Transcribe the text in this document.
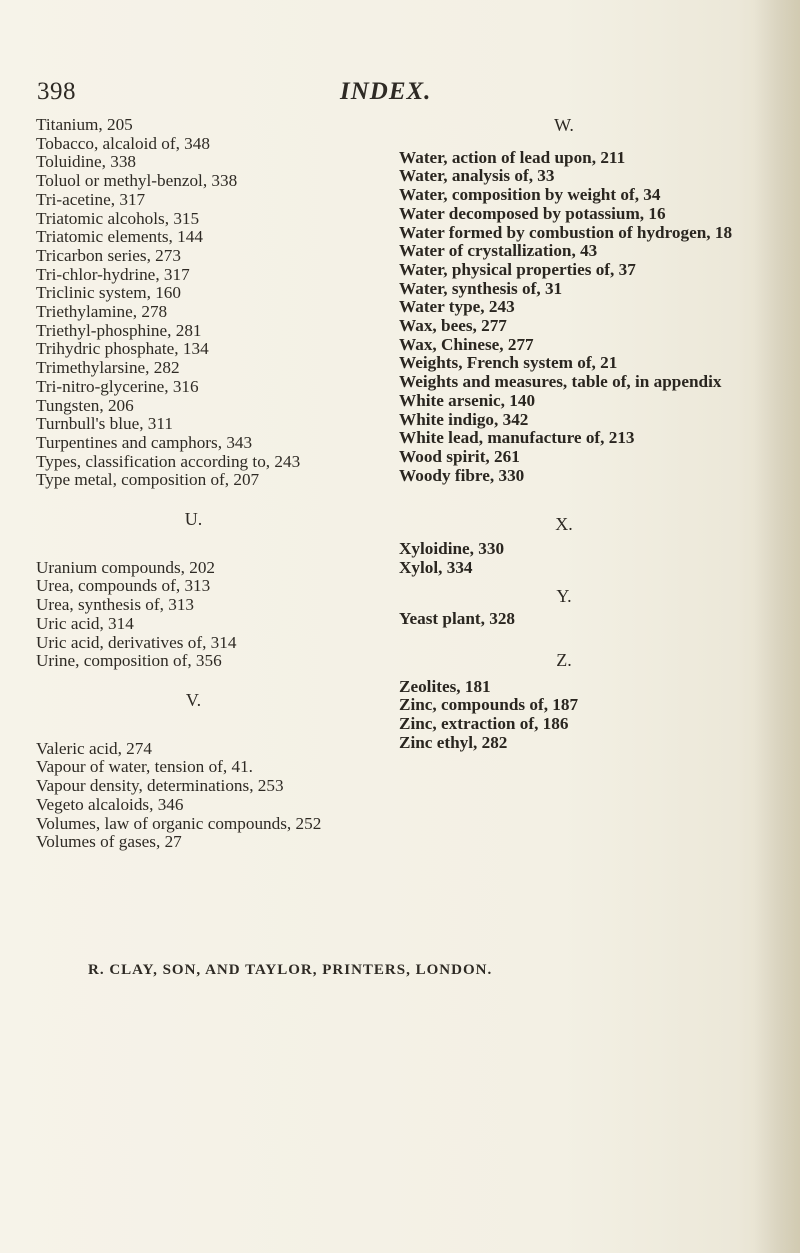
398	INDEX.
Titanium, 205
Tobacco, alcaloid of, 348
Toluidine, 338
Toluol or methyl-benzol, 338
Tri-acetine, 317
Triatomic alcohols, 315
Triatomic elements, 144
Tricarbon series, 273
Tri-chlor-hydrine, 317
Triclinic system, 160
Triethylamine, 278
Triethyl-phosphine, 281
Trihydric phosphate, 134
Trimethylarsine, 282
Tri-nitro-glycerine, 316
Tungsten, 206
Turnbull's blue, 311
Turpentines and camphors, 343
Types, classification according to, 243
Type metal, composition of, 207
U.
Uranium compounds, 202
Urea, compounds of, 313
Urea, synthesis of, 313
Uric acid, 314
Uric acid, derivatives of, 314
Urine, composition of, 356
V.
Valeric acid, 274
Vapour of water, tension of, 41.
Vapour density, determinations, 253
Vegeto alcaloids, 346
Volumes, law of organic compounds, 252
Volumes of gases, 27
W.
Water, action of lead upon, 211
Water, analysis of, 33
Water, composition by weight of, 34
Water decomposed by potassium, 16
Water formed by combustion of hydrogen, 18
Water of crystallization, 43
Water, physical properties of, 37
Water, synthesis of, 31
Water type, 243
Wax, bees, 277
Wax, Chinese, 277
Weights, French system of, 21
Weights and measures, table of, in appendix
White arsenic, 140
White indigo, 342
White lead, manufacture of, 213
Wood spirit, 261
Woody fibre, 330
X.
Xyloidine, 330
Xylol, 334
Y.
Yeast plant, 328
Z.
Zeolites, 181
Zinc, compounds of, 187
Zinc, extraction of, 186
Zinc ethyl, 282
R. CLAY, SON, AND TAYLOR, PRINTERS, LONDON.
